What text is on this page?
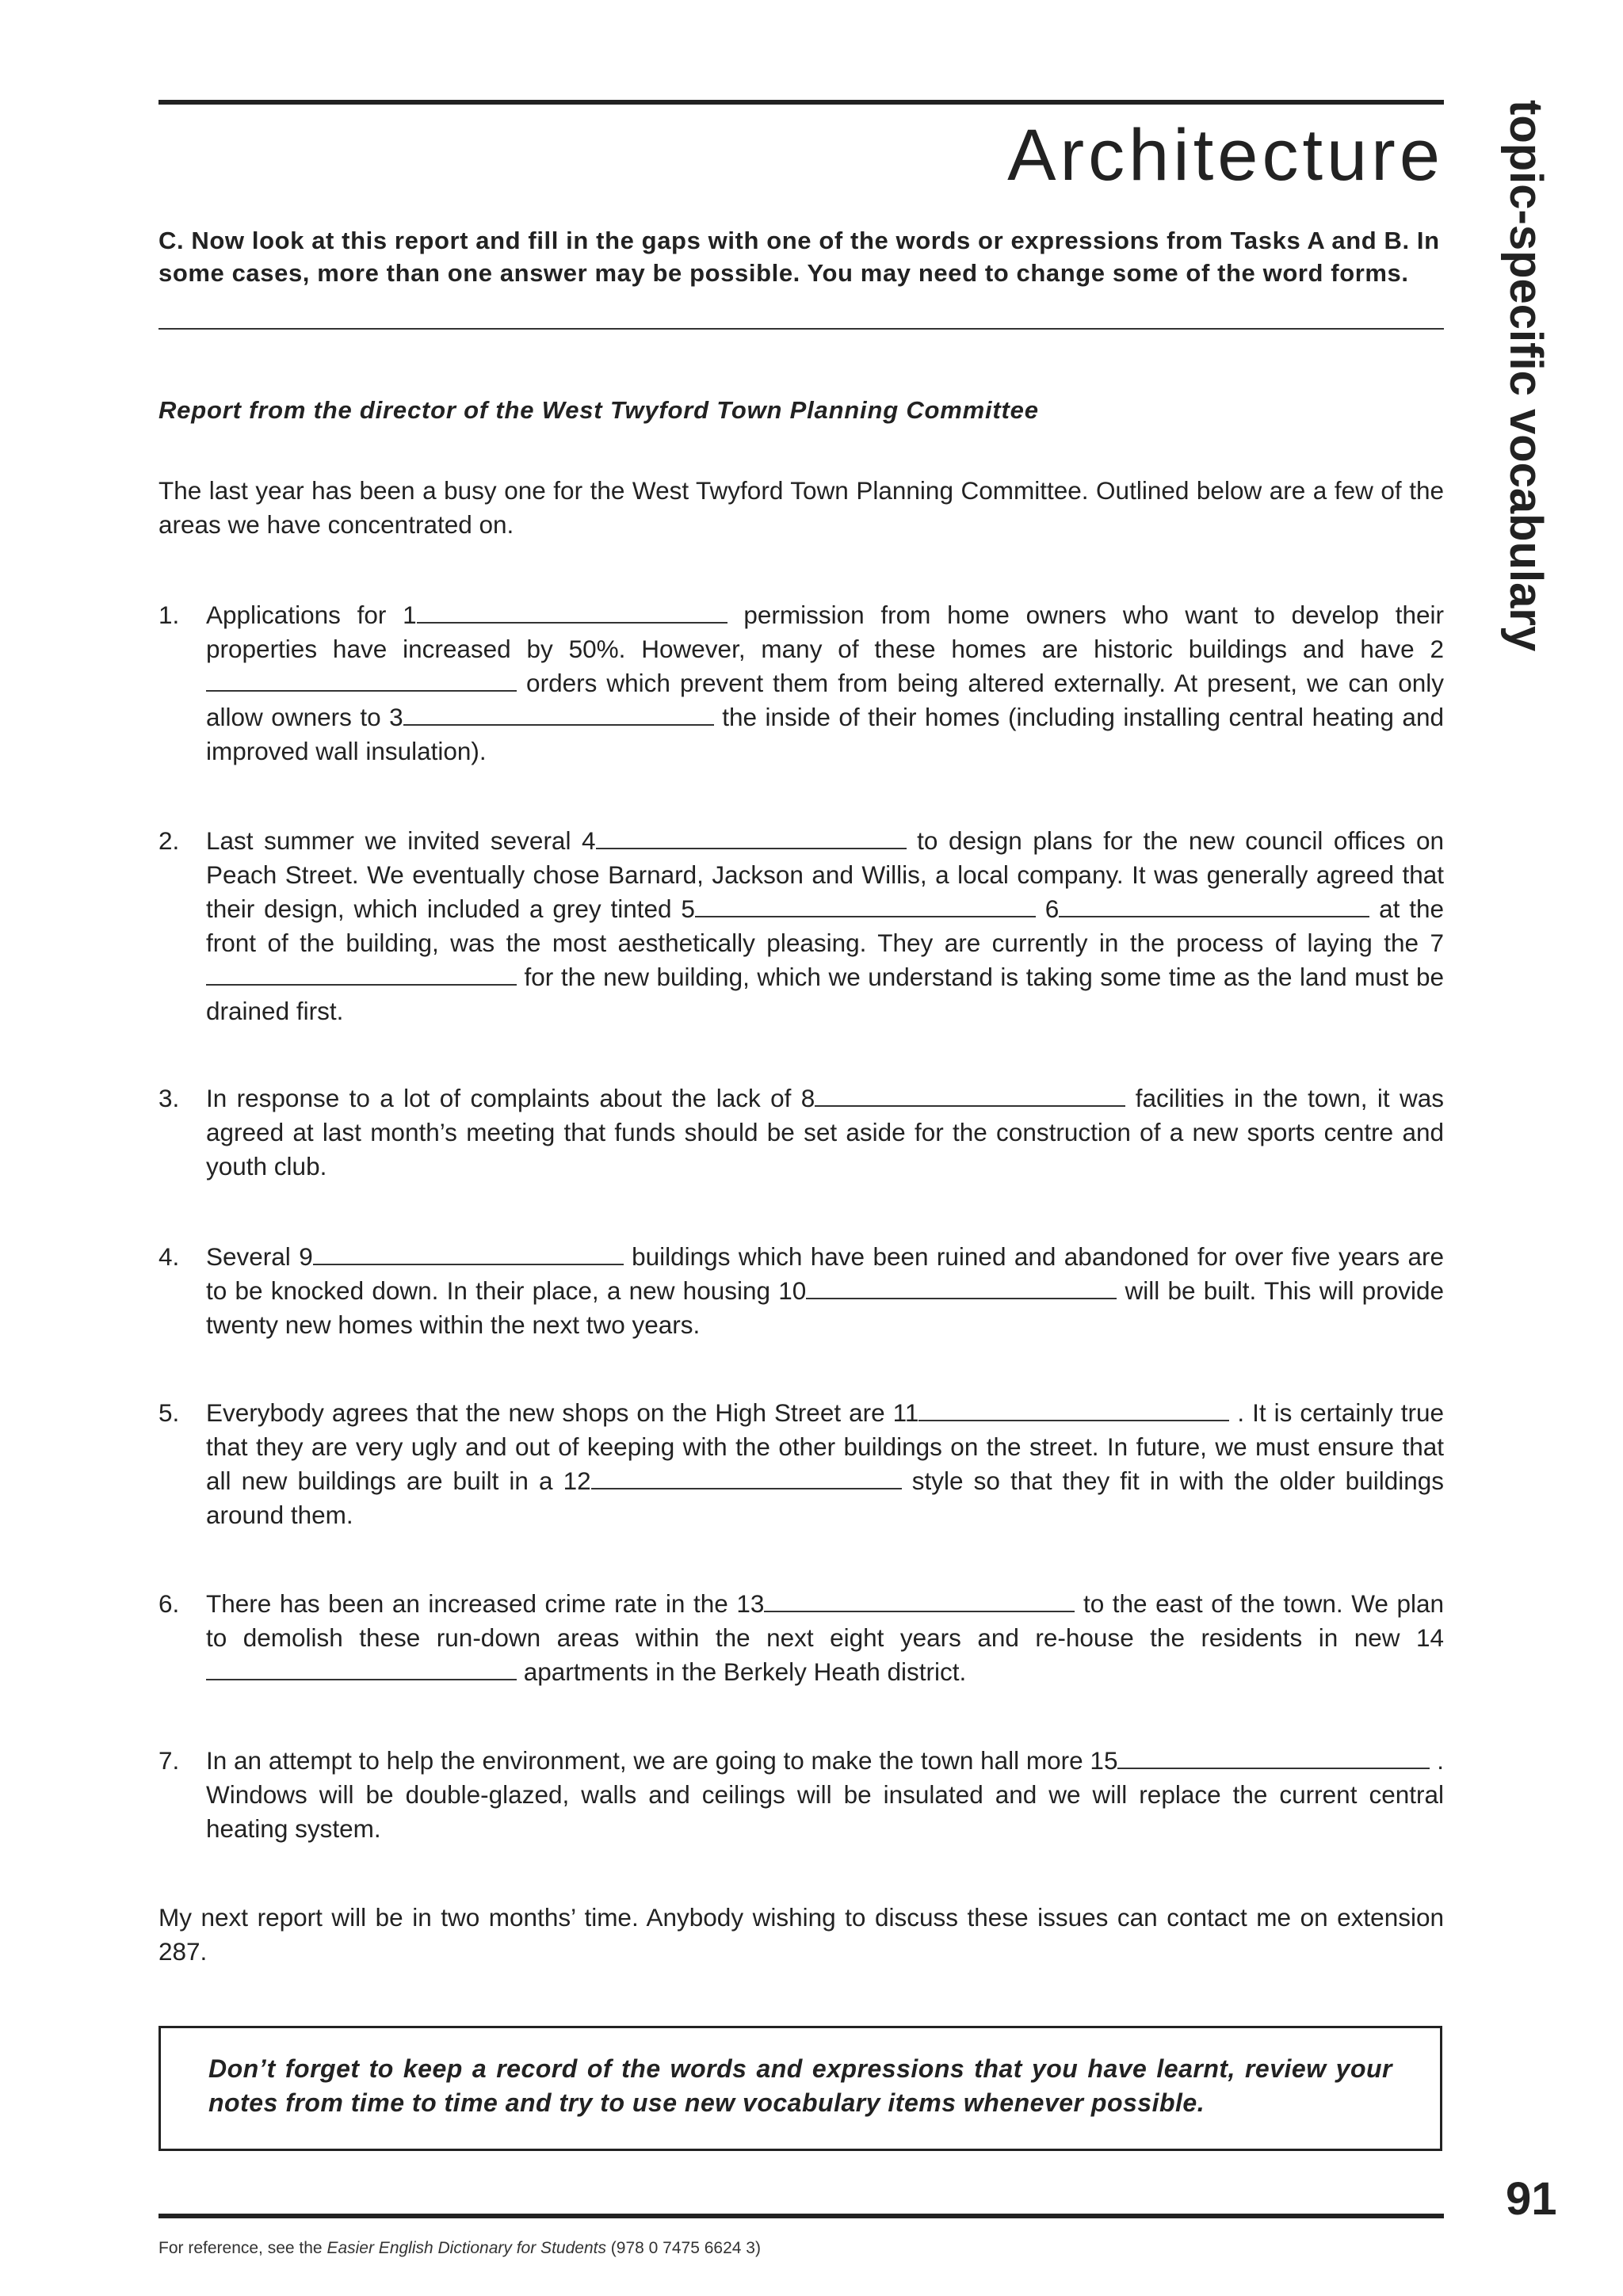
Architecture topic-specific vocabulary

C. Now look at this report and fill in the gaps with one of the words or expressions from Tasks A and B. In some cases, more than one answer may be possible. You may need to change some of the word forms.

Report from the director of the West Twyford Town Planning Committee

The last year has been a busy one for the West Twyford Town Planning Committee. Outlined below are a few of the areas we have concentrated on.

1. Applications for 1	permission from home owners who want to develop their properties have increased by 50%. However, many of these homes are historic buildings and have 2 orders which prevent them from being altered externally. At present, we can only allow owners to 3	the inside of their homes (including installing central heating and improved wall insulation).
2. Last summer we invited several 4	to design plans for the new council offices on Peach Street. We eventually chose Barnard, Jackson and Willis, a local company. It was generally agreed that their design, which included a grey tinted 5	6	at the front of the building, was the most aesthetically pleasing. They are currently in the process of laying the 7 for the new building, which we understand is taking some time as the land must be drained first.
3. In response to a lot of complaints about the lack of 8	facilities in the town, it was agreed at last month’s meeting that funds should be set aside for the construction of a new sports centre and youth club.
4. Several 9	buildings which have been ruined and abandoned for over five years are to be knocked down. In their place, a new housing 10	will be built. This will provide twenty new homes within the next two years.
5. Everybody agrees that the new shops on the High Street are 11	. It is certainly true that they are very ugly and out of keeping with the other buildings on the street. In future, we must ensure that all new buildings are built in a 12	style so that they fit in with the older buildings around them.
6. There has been an increased crime rate in the 13	to the east of the town. We plan to demolish these run-down areas within the next eight years and re-house the residents in new 14 apartments in the Berkely Heath district.
7. In an attempt to help the environment, we are going to make the town hall more 15	. Windows will be double-glazed, walls and ceilings will be insulated and we will replace the current central heating system.

My next report will be in two months’ time. Anybody wishing to discuss these issues can contact me on extension 287.

Don’t forget to keep a record of the words and expressions that you have learnt, review your notes from time to time and try to use new vocabulary items whenever possible.

91
For reference, see the Easier English Dictionary for Students (978 0 7475 6624 3)
